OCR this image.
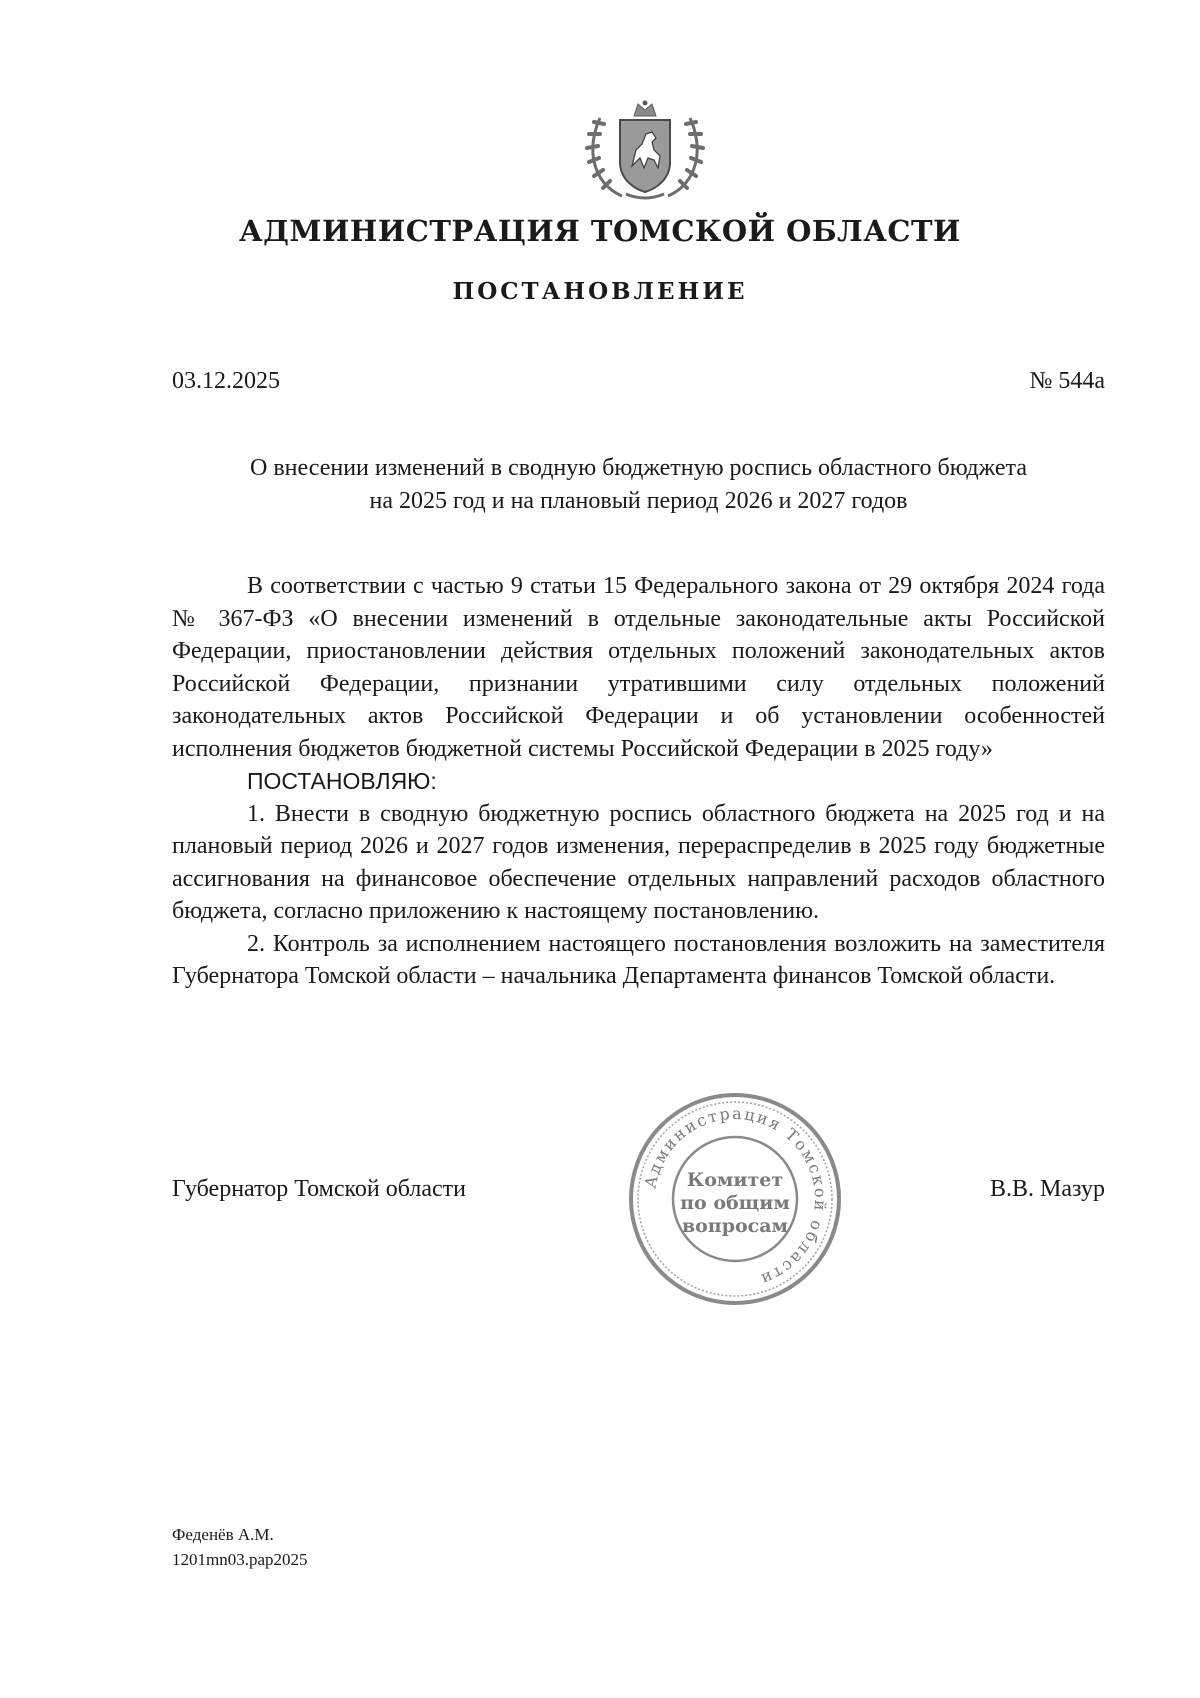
АДМИНИСТРАЦИЯ ТОМСКОЙ ОБЛАСТИ
ПОСТАНОВЛЕНИЕ
03.12.2025	№ 544а
О внесении изменений в сводную бюджетную роспись областного бюджета
на 2025 год и на плановый период 2026 и 2027 годов

В соответствии с частью 9 статьи 15 Федерального закона от 29 октября 2024 года № 367-ФЗ «О внесении изменений в отдельные законодательные акты Российской Федерации, приостановлении действия отдельных положений законодательных актов Российской Федерации, признании утратившими силу отдельных положений законодательных актов Российской Федерации и об установлении особенностей исполнения бюджетов бюджетной системы Российской Федерации в 2025 году»

ПОСТАНОВЛЯЮ:

1. Внести в сводную бюджетную роспись областного бюджета на 2025 год и на плановый период 2026 и 2027 годов изменения, перераспределив в 2025 году бюджетные ассигнования на финансовое обеспечение отдельных направлений расходов областного бюджета, согласно приложению к настоящему постановлению.

2. Контроль за исполнением настоящего постановления возложить на заместителя Губернатора Томской области – начальника Департамента финансов Томской области.

Губернатор Томской области	В.В. Мазур
Администрация Томской области
Комитет
по общим
вопросам
Феденёв А.М.
1201mn03.pap2025
